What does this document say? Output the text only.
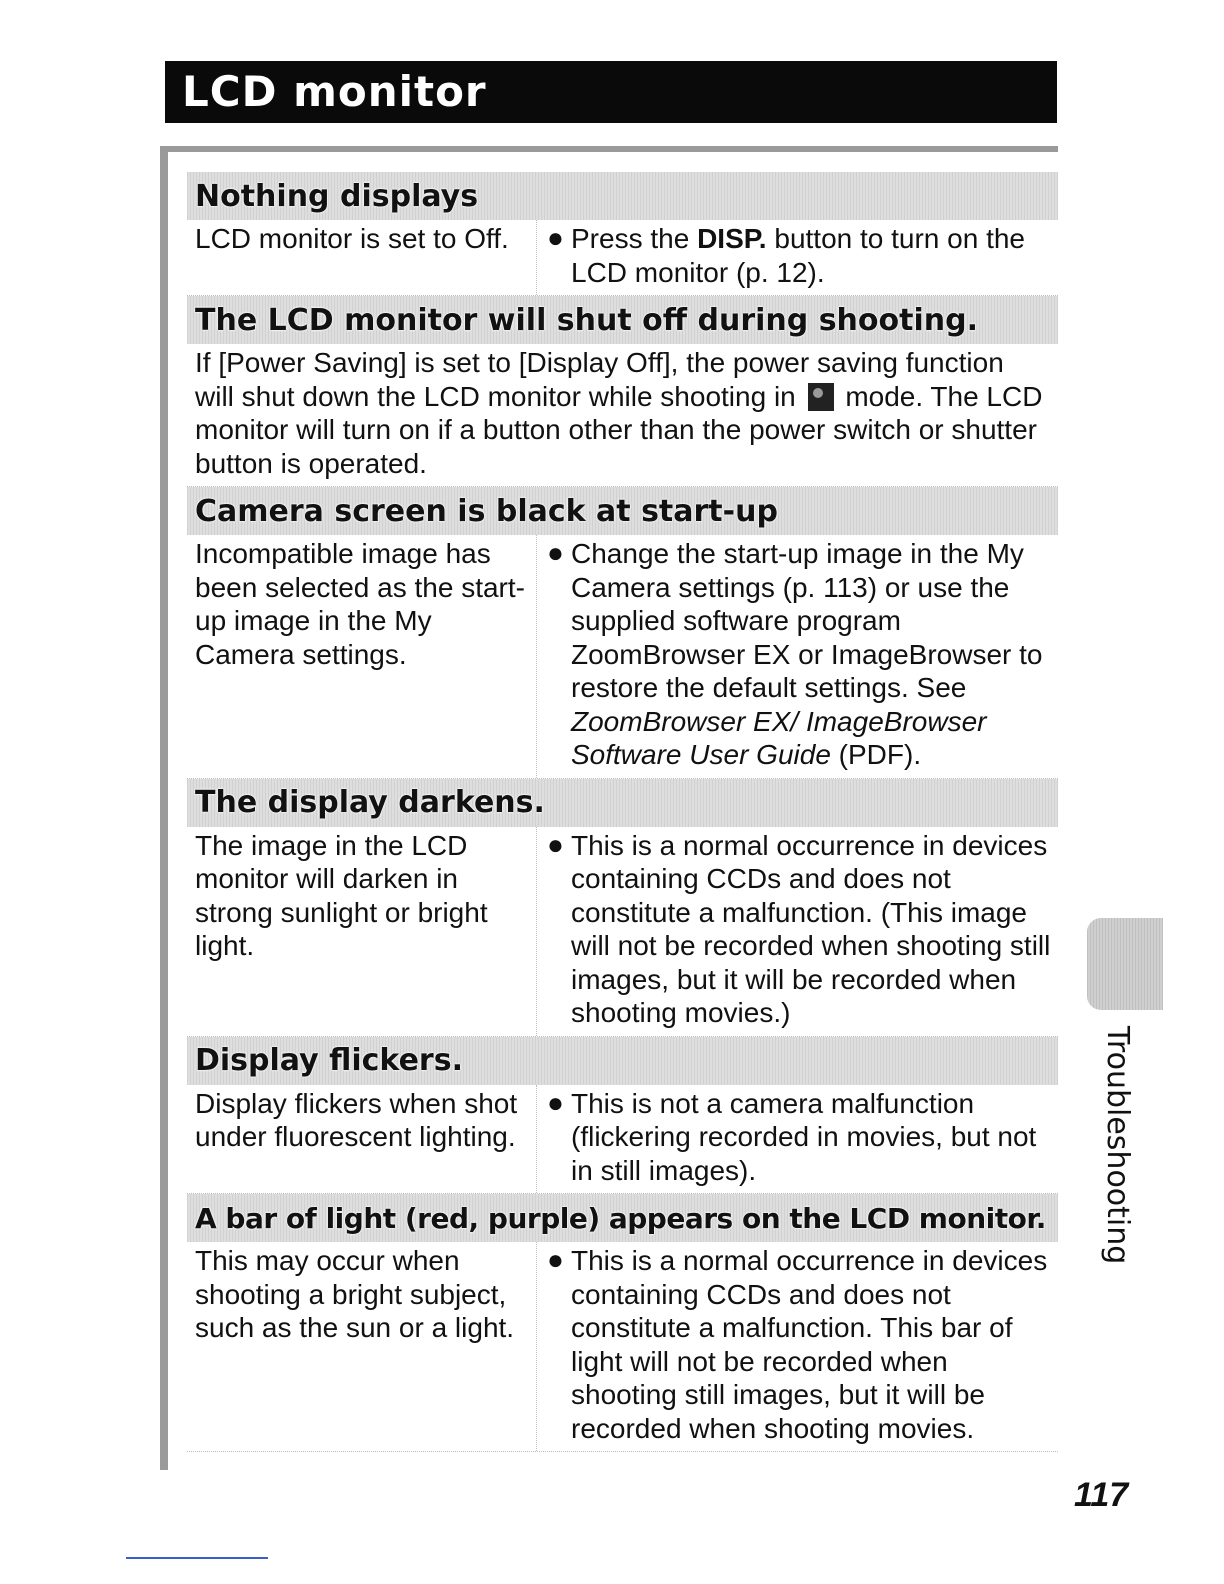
LCD monitor
Nothing displays

LCD monitor is set to Off.	● Press the DISP. button to turn on the LCD monitor (p. 12).

The LCD monitor will shut off during shooting.

If [Power Saving] is set to [Display Off], the power saving function will shut down the LCD monitor while shooting in mode. The LCD monitor will turn on if a button other than the power switch or shutter button is operated.

Camera screen is black at start-up

Incompatible image has been selected as the start-up image in the My Camera settings.

● Change the start-up image in the My Camera settings (p. 113) or use the supplied software program ZoomBrowser EX or ImageBrowser to restore the default settings. See ZoomBrowser EX/ ImageBrowser Software User Guide (PDF).

The display darkens.

The image in the LCD monitor will darken in strong sunlight or bright light.

● This is a normal occurrence in devices containing CCDs and does not constitute a malfunction. (This image will not be recorded when shooting still images, but it will be recorded when shooting movies.)

Display flickers.

Display flickers when shot under fluorescent lighting.

● This is not a camera malfunction (flickering recorded in movies, but not in still images).

A bar of light (red, purple) appears on the LCD monitor.

This may occur when shooting a bright subject, such as the sun or a light.

● This is a normal occurrence in devices containing CCDs and does not constitute a malfunction. This bar of light will not be recorded when shooting still images, but it will be recorded when shooting movies.

Troubleshooting
117
